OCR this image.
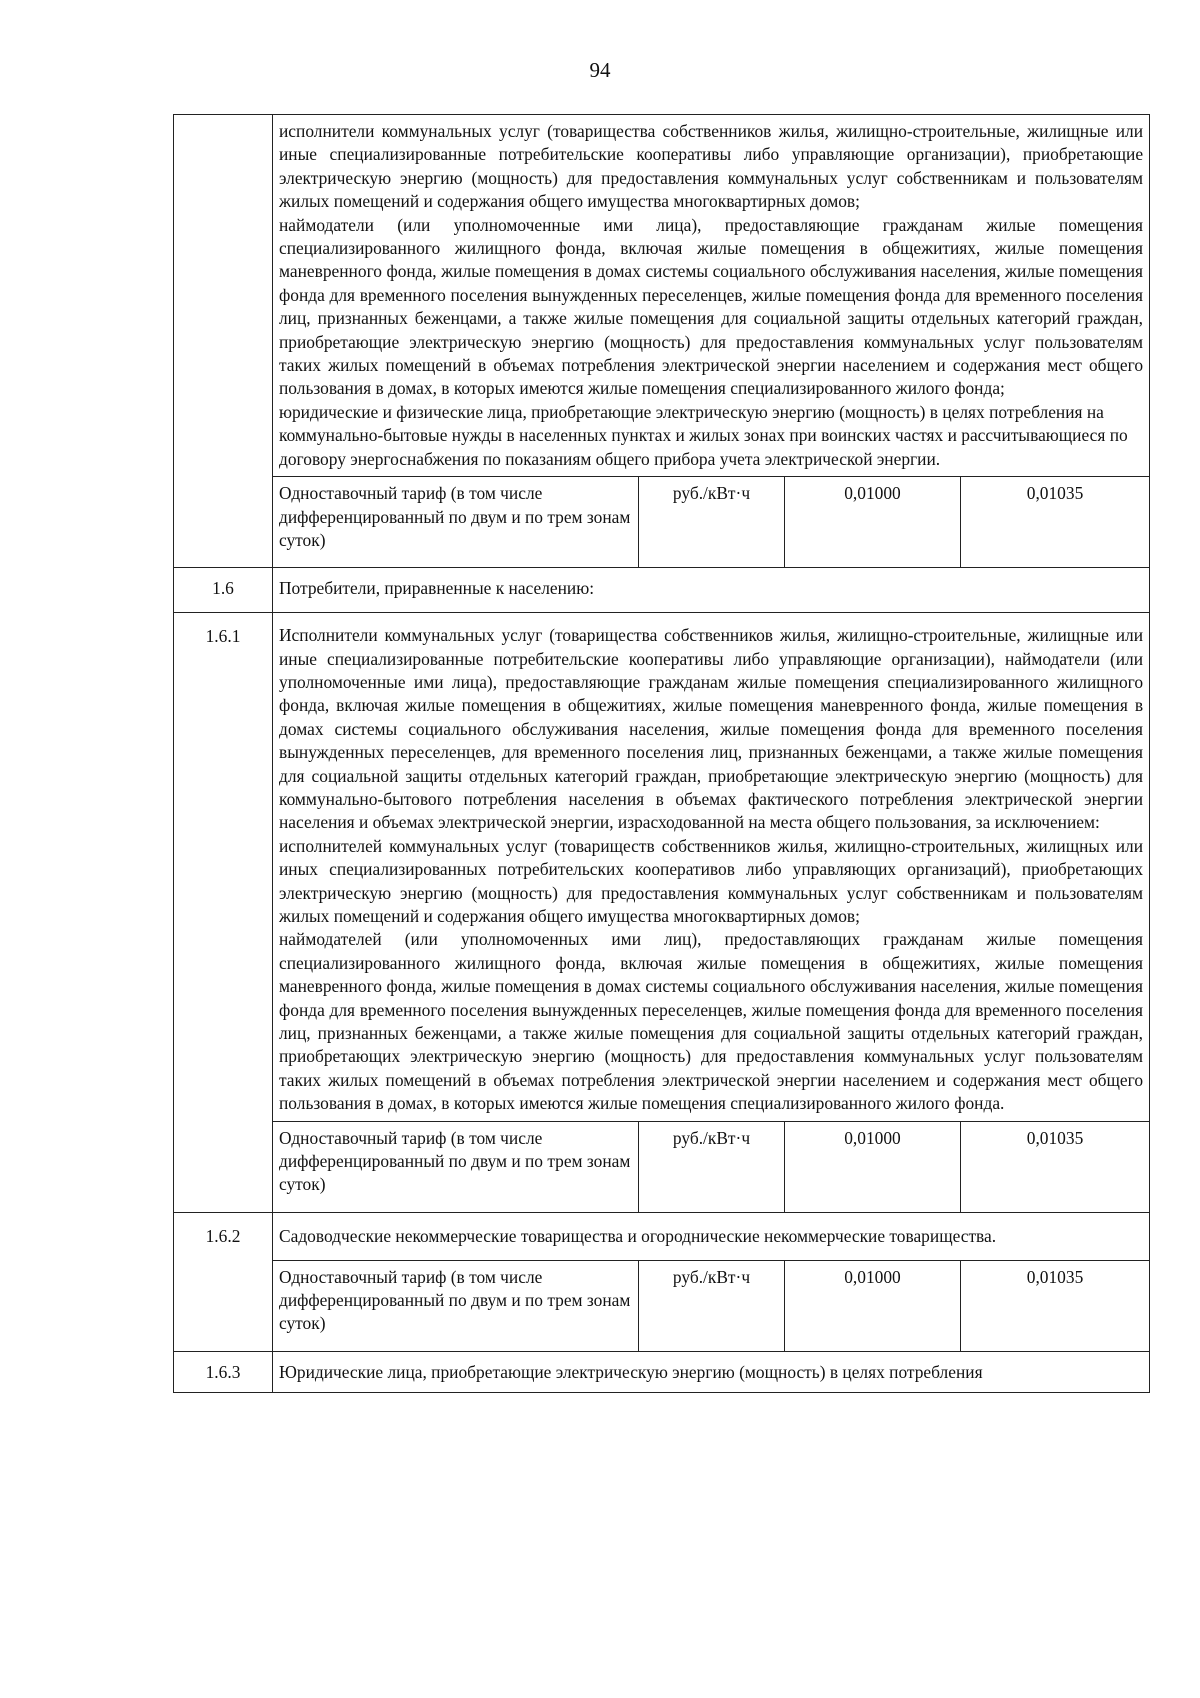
94

	исполнители коммунальных услуг (товарищества собственников жилья, жилищно-строительные, жилищные или иные специализированные потребительские кооперативы либо управляющие организации), приобретающие электрическую энергию (мощность) для предоставления коммунальных услуг собственникам и пользователям жилых помещений и содержания общего имущества многоквартирных домов;

наймодатели (или уполномоченные ими лица), предоставляющие гражданам жилые помещения специализированного жилищного фонда, включая жилые помещения в общежитиях, жилые помещения маневренного фонда, жилые помещения в домах системы социального обслуживания населения, жилые помещения фонда для временного поселения вынужденных переселенцев, жилые помещения фонда для временного поселения лиц, признанных беженцами, а также жилые помещения для социальной защиты отдельных категорий граждан, приобретающие электрическую энергию (мощность) для предоставления коммунальных услуг пользователям таких жилых помещений в объемах потребления электрической энергии населением и содержания мест общего пользования в домах, в которых имеются жилые помещения специализированного жилого фонда;

юридические и физические лица, приобретающие электрическую энергию (мощность) в целях потребления на коммунально-бытовые нужды в населенных пунктах и жилых зонах при воинских частях и рассчитывающиеся по договору энергоснабжения по показаниям общего прибора учета электрической энергии.			

	Одноставочный тариф (в том числе дифференцированный по двум и по трем зонам суток)	руб./кВт·ч	0,01000	0,01035
1.6	Потребители, приравненные к населению:			
1.6.1	Исполнители коммунальных услуг (товарищества собственников жилья, жилищно-строительные, жилищные или иные специализированные потребительские кооперативы либо управляющие организации), наймодатели (или уполномоченные ими лица), предоставляющие гражданам жилые помещения специализированного жилищного фонда, включая жилые помещения в общежитиях, жилые помещения маневренного фонда, жилые помещения в домах системы социального обслуживания населения, жилые помещения фонда для временного поселения вынужденных переселенцев, для временного поселения лиц, признанных беженцами, а также жилые помещения для социальной защиты отдельных категорий граждан, приобретающие электрическую энергию (мощность) для коммунально-бытового потребления населения в объемах фактического потребления электрической энергии населения и объемах электрической энергии, израсходованной на места общего пользования, за исключением:

исполнителей коммунальных услуг (товариществ собственников жилья, жилищно-строительных, жилищных или иных специализированных потребительских кооперативов либо управляющих организаций), приобретающих электрическую энергию (мощность) для предоставления коммунальных услуг собственникам и пользователям жилых помещений и содержания общего имущества многоквартирных домов;

наймодателей (или уполномоченных ими лиц), предоставляющих гражданам жилые помещения специализированного жилищного фонда, включая жилые помещения в общежитиях, жилые помещения маневренного фонда, жилые помещения в домах системы социального обслуживания населения, жилые помещения фонда для временного поселения вынужденных переселенцев, жилые помещения фонда для временного поселения лиц, признанных беженцами, а также жилые помещения для социальной защиты отдельных категорий граждан, приобретающих электрическую энергию (мощность) для предоставления коммунальных услуг пользователям таких жилых помещений в объемах потребления электрической энергии населением и содержания мест общего пользования в домах, в которых имеются жилые помещения специализированного жилого фонда.			

	Одноставочный тариф (в том числе дифференцированный по двум и по трем зонам суток)	руб./кВт·ч	0,01000	0,01035
1.6.2	Садоводческие некоммерческие товарищества и огороднические некоммерческие товарищества.			
	Одноставочный тариф (в том числе дифференцированный по двум и по трем зонам суток)	руб./кВт·ч	0,01000	0,01035
1.6.3	Юридические лица, приобретающие электрическую энергию (мощность) в целях потребления			
